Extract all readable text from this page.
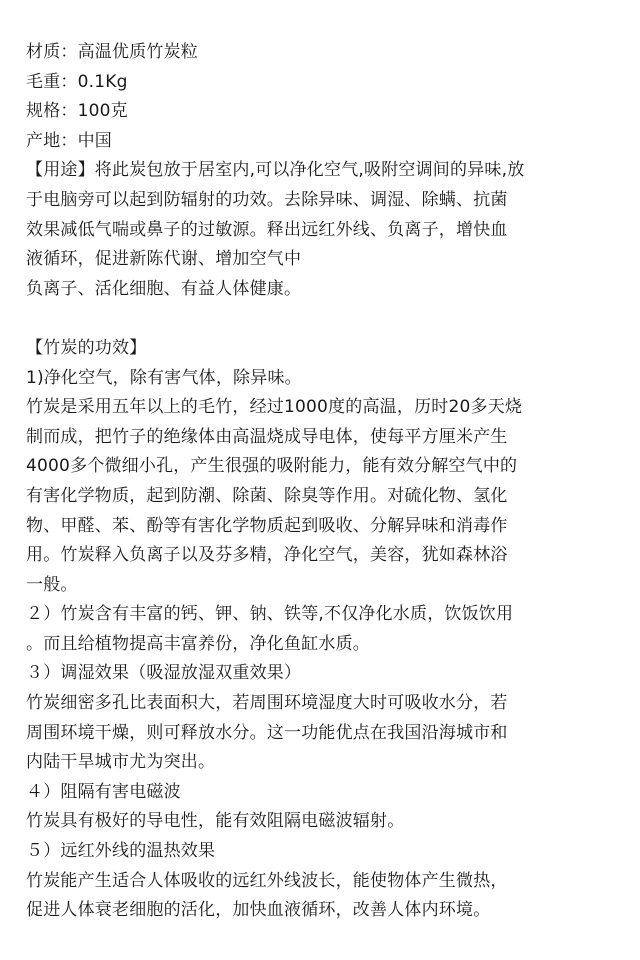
材质：高温优质竹炭粒
毛重：0.1Kg
规格：100克
产地：中国
【用途】将此炭包放于居室内,可以净化空气,吸附空调间的异味,放
于电脑旁可以起到防辐射的功效。去除异味、调湿、除螨、抗菌
效果减低气喘或鼻子的过敏源。释出远红外线、负离子，增快血
液循环，促进新陈代谢、增加空气中
负离子、活化细胞、有益人体健康。
【竹炭的功效】
1)净化空气，除有害气体，除异味。
竹炭是采用五年以上的毛竹，经过1000度的高温，历时20多天烧
制而成，把竹子的绝缘体由高温烧成导电体，使每平方厘米产生
4000多个微细小孔，产生很强的吸附能力，能有效分解空气中的
有害化学物质，起到防潮、除菌、除臭等作用。对硫化物、氢化
物、甲醛、苯、酚等有害化学物质起到吸收、分解异味和消毒作
用。竹炭释入负离子以及芬多精，净化空气，美容，犹如森林浴
一般。
２）竹炭含有丰富的钙、钾、钠、铁等,不仅净化水质，饮饭饮用
。而且给植物提高丰富养份，净化鱼缸水质。
３）调湿效果（吸湿放湿双重效果）
竹炭细密多孔比表面积大，若周围环境湿度大时可吸收水分，若
周围环境干燥，则可释放水分。这一功能优点在我国沿海城市和
内陆干旱城市尤为突出。
４）阻隔有害电磁波
竹炭具有极好的导电性，能有效阻隔电磁波辐射。
５）远红外线的温热效果
竹炭能产生适合人体吸收的远红外线波长，能使物体产生微热，
促进人体衰老细胞的活化，加快血液循环，改善人体内环境。
